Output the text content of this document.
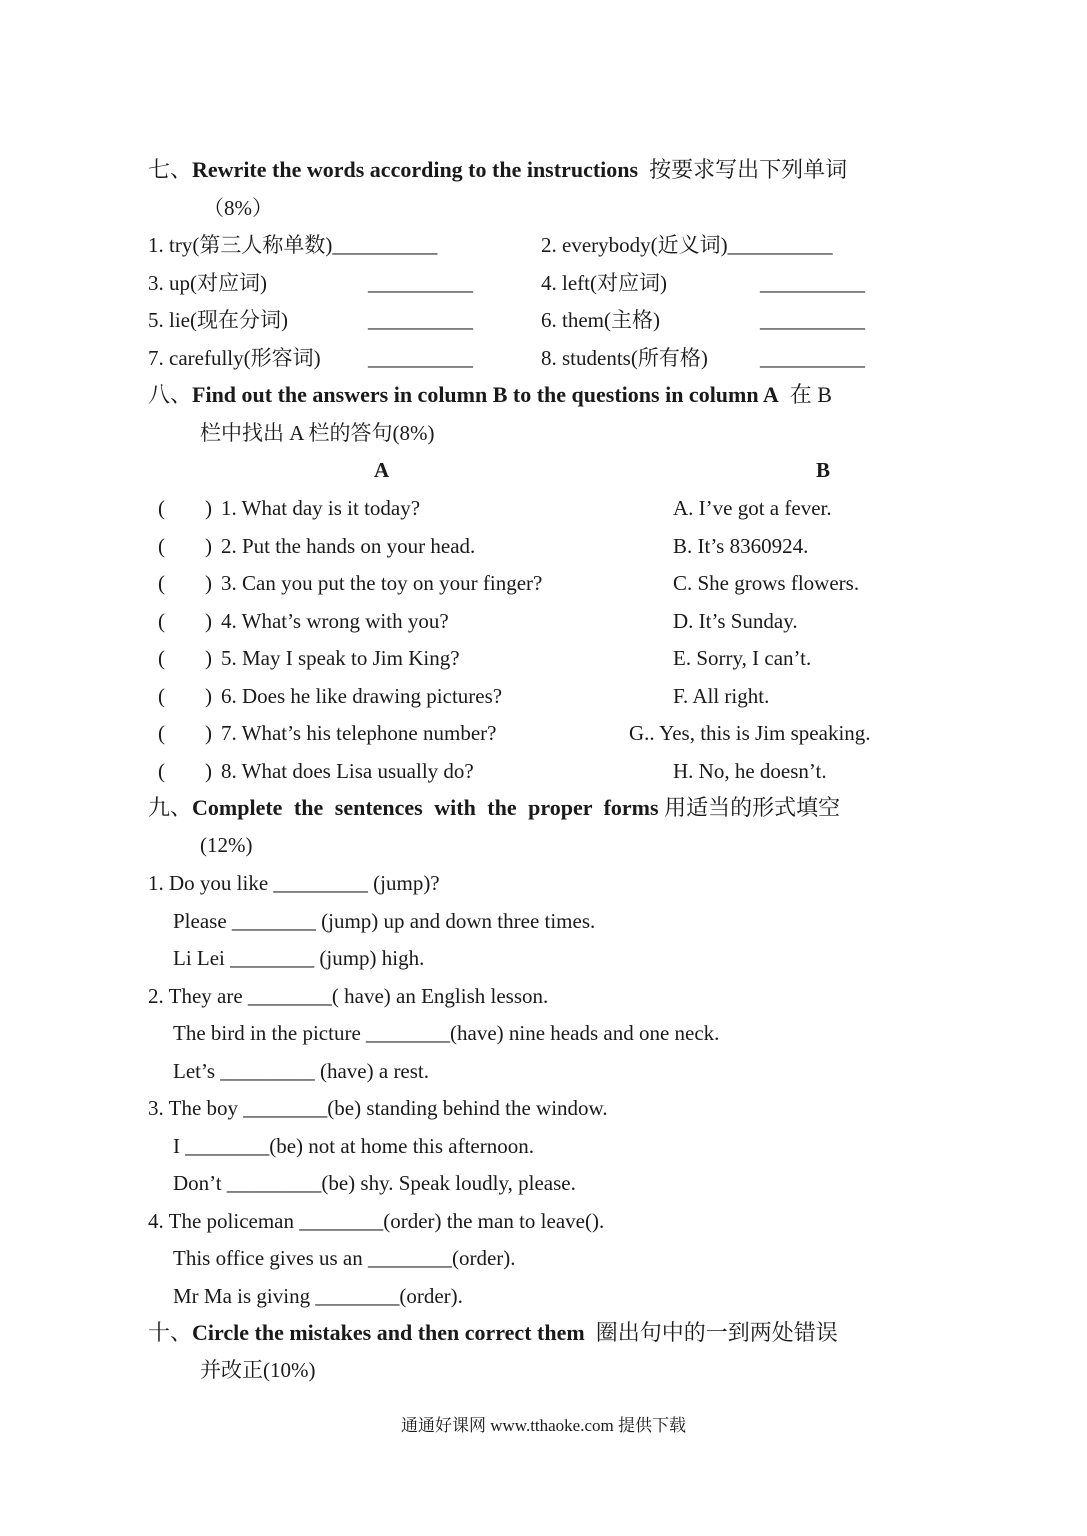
七、Rewrite the words according to the instructions 按要求写出下列单词
（8%）
1. try(第三人称单数)__________	2. everybody(近义词)__________
3. up(对应词)	__________	4. left(对应词)	__________
5. lie(现在分词)	__________	6. them(主格)	__________
7. carefully(形容词) __________	8. students(所有格) __________
八、Find out the answers in column B to the questions in column A 在 B
栏中找出 A 栏的答句(8%)
A	B
( ) 1. What day is it today?	A. I’ve got a fever.
( ) 2. Put the hands on your head.	B. It’s 8360924.
( ) 3. Can you put the toy on your finger?	C. She grows flowers.
( ) 4. What’s wrong with you?	D. It’s Sunday.
( ) 5. May I speak to Jim King?	E. Sorry, I can’t.
( ) 6. Does he like drawing pictures?	F. All right.
( ) 7. What’s his telephone number?	G.. Yes, this is Jim speaking.
( ) 8. What does Lisa usually do?	H. No, he doesn’t.
九、Complete the sentences with the proper forms 用适当的形式填空
(12%)
1. Do you like _________ (jump)?
Please ________ (jump) up and down three times.
Li Lei ________ (jump) high.
2. They are ________( have) an English lesson.
The bird in the picture ________(have) nine heads and one neck.
Let’s _________ (have) a rest.
3. The boy ________(be) standing behind the window.
I ________(be) not at home this afternoon.
Don’t _________(be) shy. Speak loudly, please.
4. The policeman ________(order) the man to leave().
This office gives us an ________(order).
Mr Ma is giving ________(order).
十、Circle the mistakes and then correct them 圈出句中的一到两处错误
并改正(10%)
通通好课网 www.tthaoke.com 提供下载
